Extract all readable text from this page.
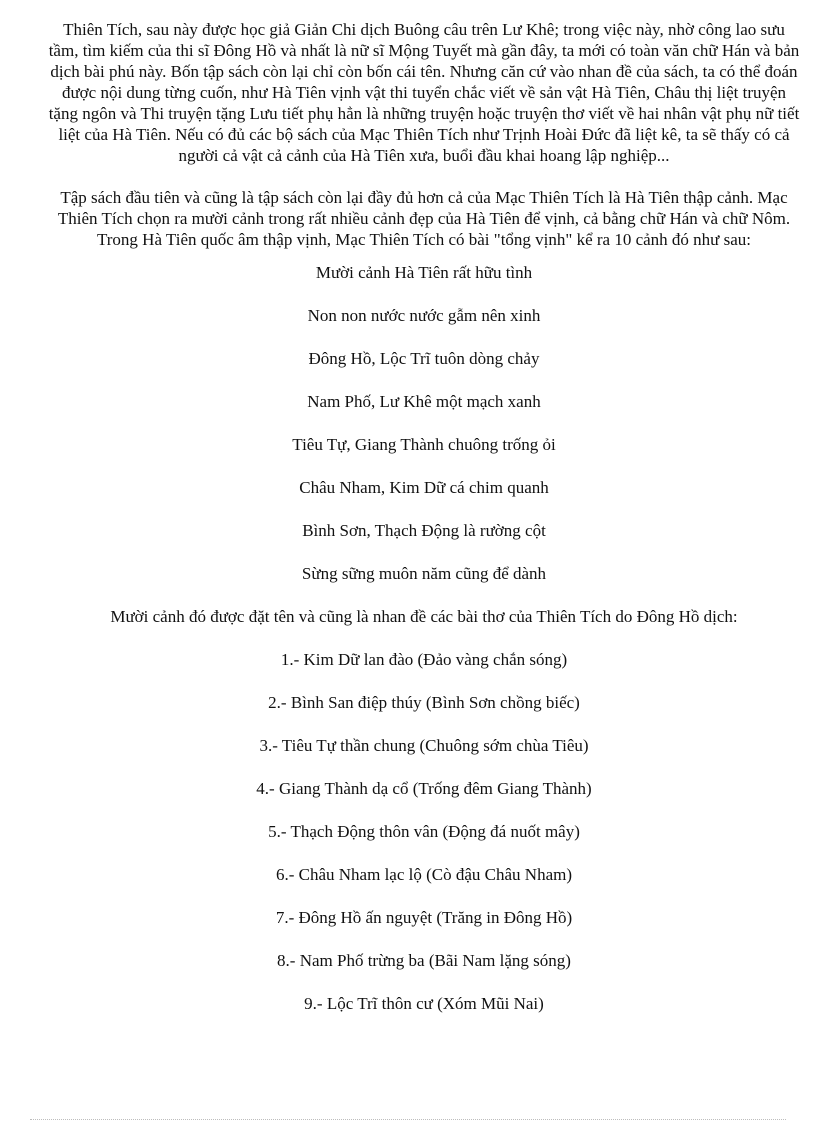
Thiên Tích, sau này được học giả Giản Chi dịch Buông câu trên Lư Khê; trong việc này, nhờ công lao sưu tầm, tìm kiếm của thi sĩ Đông Hồ và nhất là nữ sĩ Mộng Tuyết mà gần đây, ta mới có toàn văn chữ Hán và bản dịch bài phú này. Bốn tập sách còn lại chỉ còn bốn cái tên. Nhưng căn cứ vào nhan đề của sách, ta có thể đoán được nội dung từng cuốn, như Hà Tiên vịnh vật thi tuyển chắc viết về sản vật Hà Tiên, Châu thị liệt truyện tặng ngôn và Thi truyện tặng Lưu tiết phụ hẳn là những truyện hoặc truyện thơ viết về hai nhân vật phụ nữ tiết liệt của Hà Tiên. Nếu có đủ các bộ sách của Mạc Thiên Tích như Trịnh Hoài Đức đã liệt kê, ta sẽ thấy có cả người cả vật cả cảnh của Hà Tiên xưa, buổi đầu khai hoang lập nghiệp...

Tập sách đầu tiên và cũng là tập sách còn lại đầy đủ hơn cả của Mạc Thiên Tích là Hà Tiên thập cảnh. Mạc Thiên Tích chọn ra mười cảnh trong rất nhiều cảnh đẹp của Hà Tiên để vịnh, cả bằng chữ Hán và chữ Nôm. Trong Hà Tiên quốc âm thập vịnh, Mạc Thiên Tích có bài "tổng vịnh" kể ra 10 cảnh đó như sau:

Mười cảnh Hà Tiên rất hữu tình
Non non nước nước gẫm nên xinh
Đông Hồ, Lộc Trĩ tuôn dòng chảy
Nam Phố, Lư Khê một mạch xanh
Tiêu Tự, Giang Thành chuông trống ỏi
Châu Nham, Kim Dữ cá chim quanh
Bình Sơn, Thạch Động là rường cột
Sừng sững muôn năm cũng để dành

Mười cảnh đó được đặt tên và cũng là nhan đề các bài thơ của Thiên Tích do Đông Hồ dịch:

1.- Kim Dữ lan đào (Đảo vàng chắn sóng)
2.- Bình San điệp thúy (Bình Sơn chồng biếc)
3.- Tiêu Tự thần chung (Chuông sớm chùa Tiêu)
4.- Giang Thành dạ cổ (Trống đêm Giang Thành)
5.- Thạch Động thôn vân (Động đá nuốt mây)
6.- Châu Nham lạc lộ (Cò đậu Châu Nham)
7.- Đông Hồ ấn nguyệt (Trăng in Đông Hồ)
8.- Nam Phố trừng ba (Bãi Nam lặng sóng)
9.- Lộc Trĩ thôn cư (Xóm Mũi Nai)
